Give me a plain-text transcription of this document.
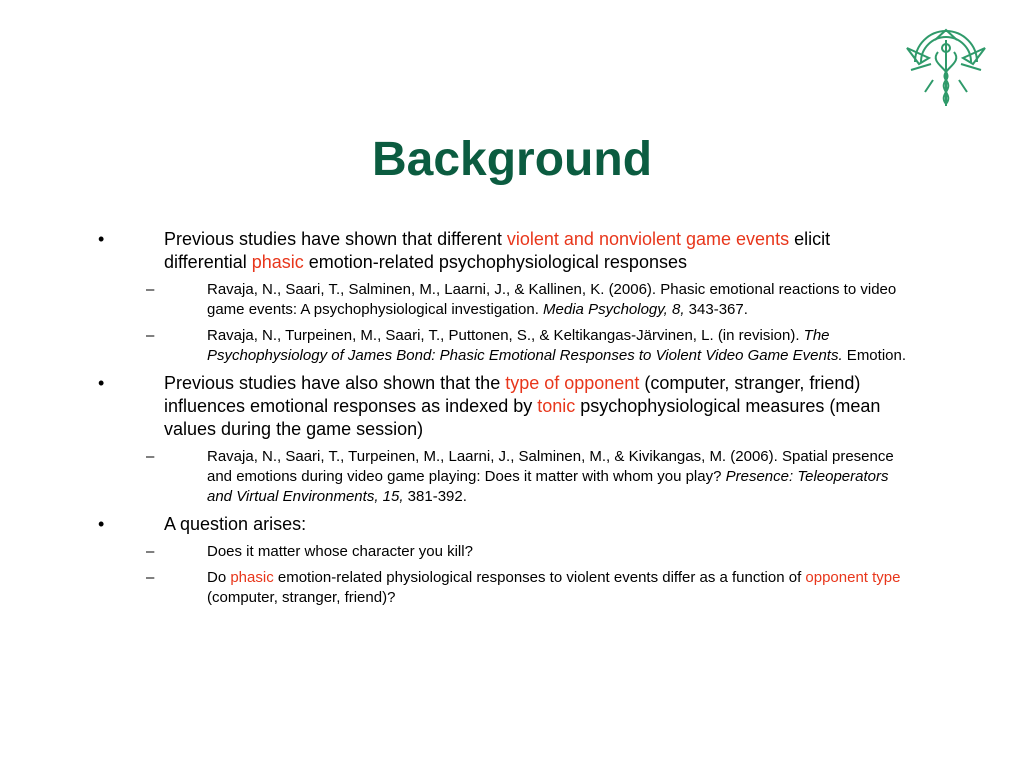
Background
•	Previous studies have shown that different violent and nonviolent game events elicit differential phasic emotion-related psychophysiological responses
–	Ravaja, N., Saari, T., Salminen, M., Laarni, J., & Kallinen, K. (2006). Phasic emotional reactions to video game events: A psychophysiological investigation. Media Psychology, 8, 343-367.
–	Ravaja, N., Turpeinen, M., Saari, T., Puttonen, S., & Keltikangas-Järvinen, L. (in revision). The Psychophysiology of James Bond: Phasic Emotional Responses to Violent Video Game Events. Emotion.
•	Previous studies have also shown that the type of opponent (computer, stranger, friend) influences emotional responses as indexed by tonic psychophysiological measures (mean values during the game session)
–	Ravaja, N., Saari, T., Turpeinen, M., Laarni, J., Salminen, M., & Kivikangas, M. (2006). Spatial presence and emotions during video game playing: Does it matter with whom you play? Presence: Teleoperators and Virtual Environments, 15, 381-392.
•	A question arises:
–	Does it matter whose character you kill?
–	Do phasic emotion-related physiological responses to violent events differ as a function of opponent type (computer, stranger, friend)?
